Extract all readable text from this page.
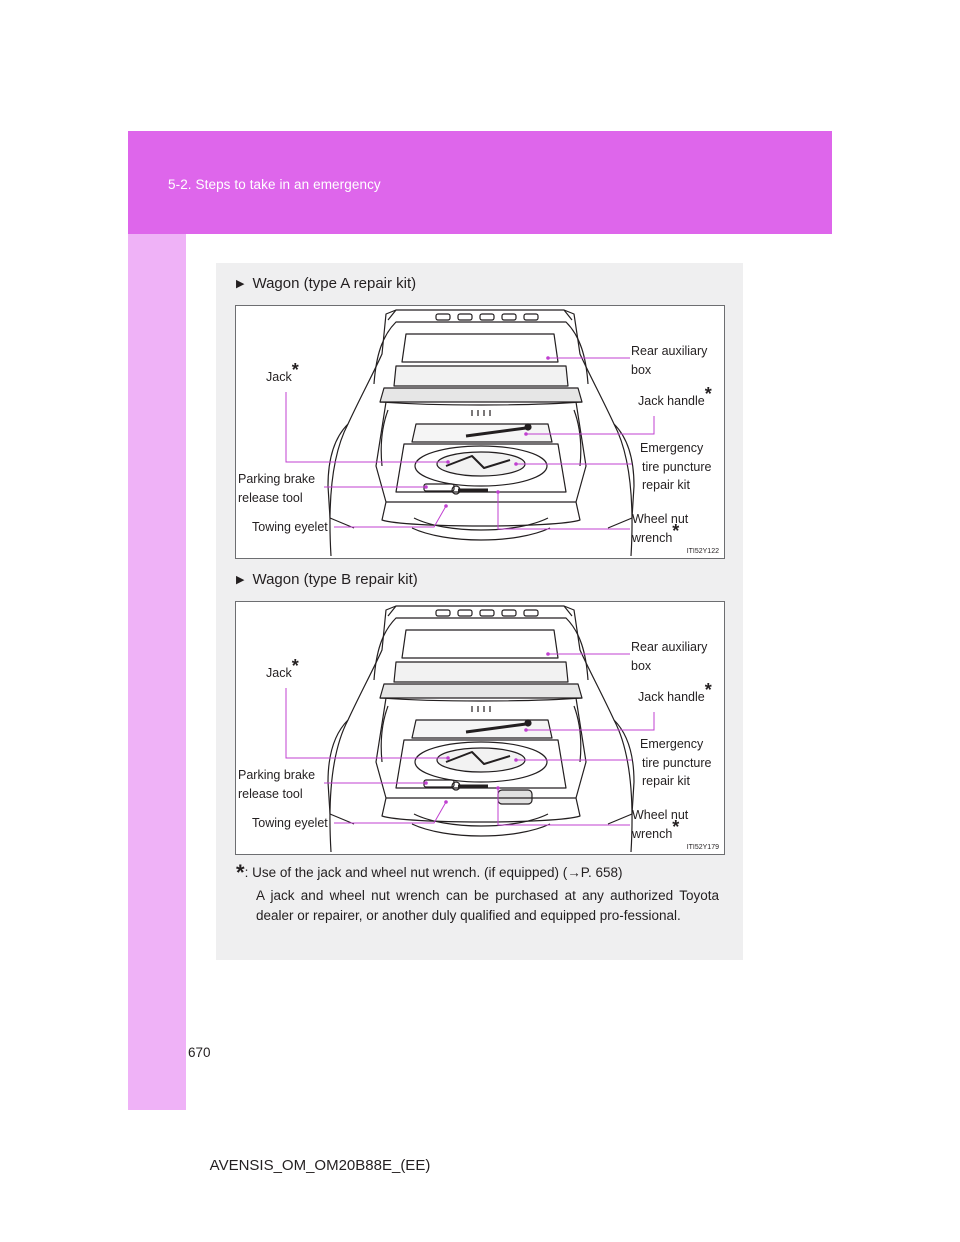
5-2. Steps to take in an emergency
▶ Wagon (type A repair kit)
Rear auxiliary
box
Jack*
Jack handle*
Emergency
tire puncture
repair kit
Parking brake
release tool
Towing eyelet
Wheel nut
wrench*
ITI52Y122
▶ Wagon (type B repair kit)
Rear auxiliary
box
Jack*
Jack handle*
Emergency
tire puncture
repair kit
Parking brake
release tool
Towing eyelet
Wheel nut
wrench*
ITI52Y179
*: Use of the jack and wheel nut wrench. (if equipped) (→P. 658)
A jack and wheel nut wrench can be purchased at any authorized Toyota dealer or repairer, or another duly qualified and equipped pro-fessional.
670
AVENSIS_OM_OM20B88E_(EE)
